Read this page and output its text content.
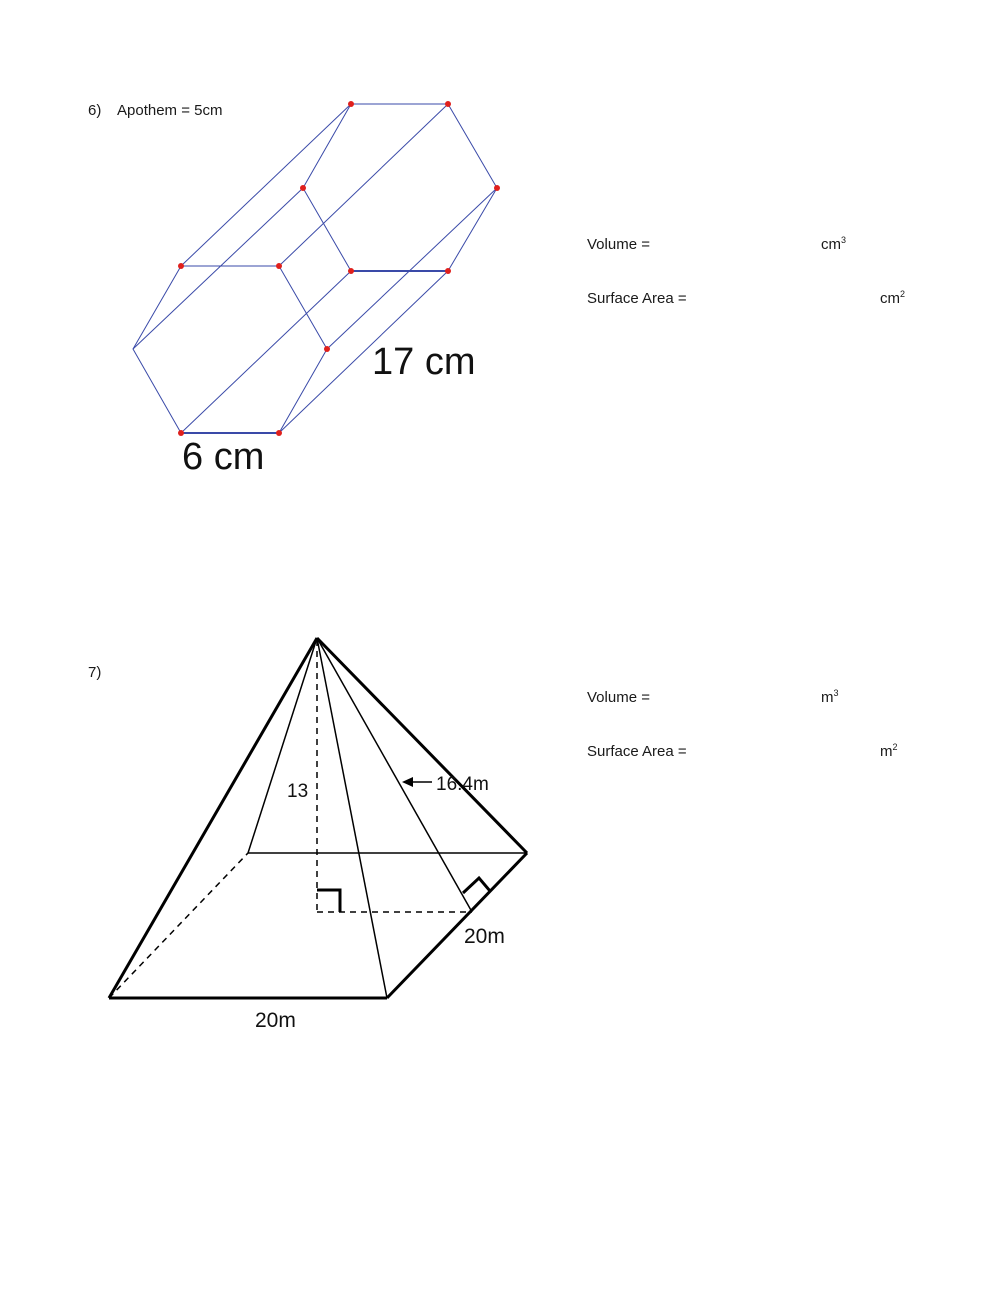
6) Apothem = 5cm
Volume =	$cm^3$
Surface Area =	$cm^2$
7)
Volume =	$m^3$
Surface Area =	$m^2$
17 cm
6 cm
13	16.4m
20m
20m
